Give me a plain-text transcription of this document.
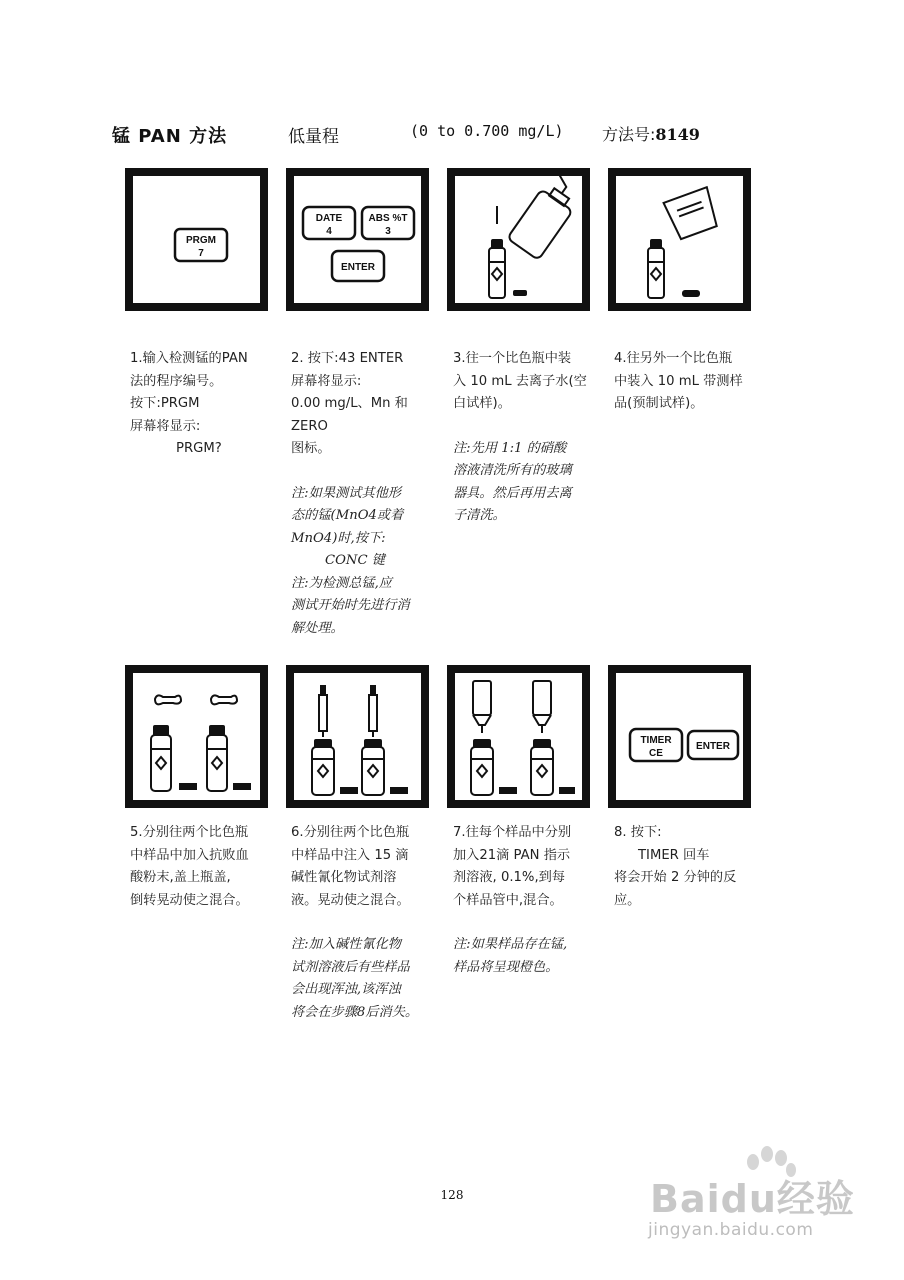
锰 PAN 方法	低量程	(0 to 0.700 mg/L) 方法号:8149
PRGM
7
DATE
4
ABS %T
3
ENTER

1.输入检测锰的PAN

法的程序编号。

按下:PRGM

屏幕将显示:

PRGM?

2. 按下:43 ENTER

屏幕将显示:

0.00 mg/L、Mn 和 ZERO

图标。

注:如果测试其他形

态的锰(MnO4或着

MnO4)时,按下:

CONC 键

注:为检测总锰,应

测试开始时先进行消

解处理。

3.往一个比色瓶中装

入 10 mL 去离子水(空

白试样)。

注:先用 1:1 的硝酸

溶液清洗所有的玻璃

器具。然后再用去离

子清洗。

4.往另外一个比色瓶

中装入 10 mL 带测样

品(预制试样)。

TIMER
CE
ENTER

5.分别往两个比色瓶

中样品中加入抗败血

酸粉末,盖上瓶盖,

倒转晃动使之混合。

6.分别往两个比色瓶

中样品中注入 15 滴

碱性氰化物试剂溶

液。晃动使之混合。

注:加入碱性氰化物

试剂溶液后有些样品

会出现浑浊,该浑浊

将会在步骤8后消失。

7.往每个样品中分别

加入21滴 PAN 指示

剂溶液, 0.1%,到每

个样品管中,混合。

注:如果样品存在锰,

样品将呈现橙色。

8. 按下:

TIMER 回车

将会开始 2 分钟的反

应。

128	Baidu经验
jingyan.baidu.com
